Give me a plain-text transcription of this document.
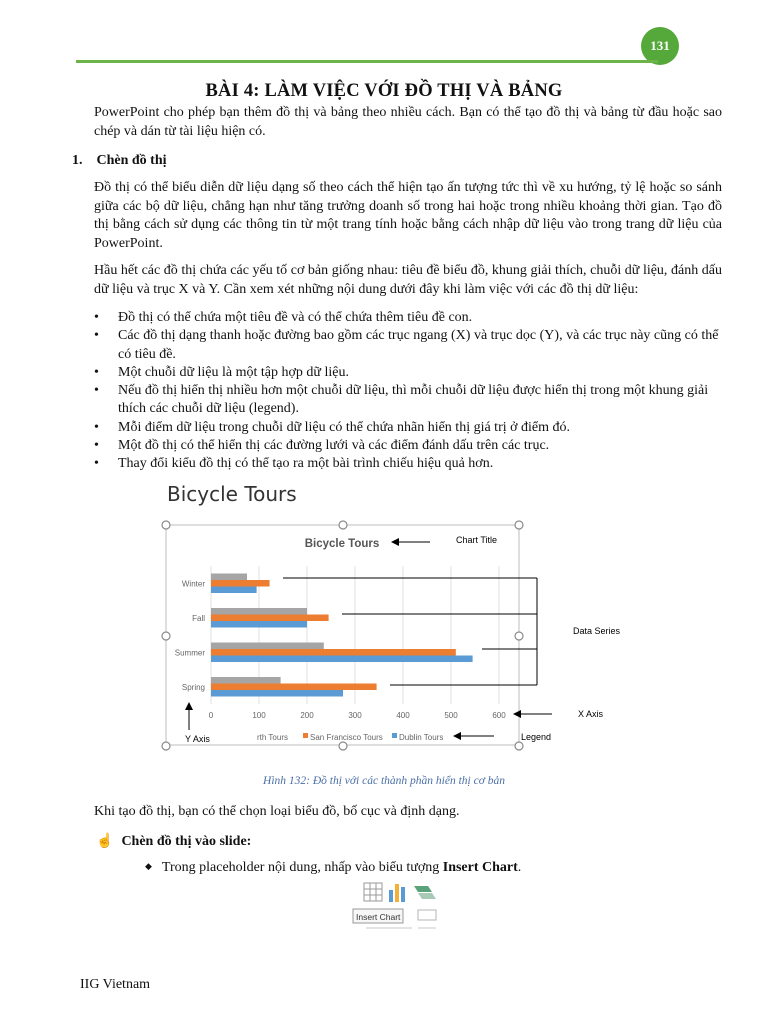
131
BÀI 4: LÀM VIỆC VỚI ĐỒ THỊ VÀ BẢNG
PowerPoint cho phép bạn thêm đồ thị và bảng theo nhiều cách. Bạn có thể tạo đồ thị và bảng từ đầu hoặc sao chép và dán từ tài liệu hiện có.
1.    Chèn đồ thị
Đồ thị có thể biểu diễn dữ liệu dạng số theo cách thể hiện tạo ấn tượng tức thì về xu hướng, tỷ lệ hoặc so sánh giữa các bộ dữ liệu, chẳng hạn như tăng trưởng doanh số trong hai hoặc trong nhiều khoảng thời gian. Tạo đồ thị bằng cách sử dụng các thông tin từ một trang tính hoặc bằng cách nhập dữ liệu vào trong trang dữ liệu của PowerPoint.
Hầu hết các đồ thị chứa các yếu tố cơ bản giống nhau: tiêu đề biểu đồ, khung giải thích, chuỗi dữ liệu, đánh dấu dữ liệu và trục X và Y. Cần xem xét những nội dung dưới đây khi làm việc với các đồ thị dữ liệu:
• Đồ thị có thể chứa một tiêu đề và có thể chứa thêm tiêu đề con.
• Các đồ thị dạng thanh hoặc đường bao gồm các trục ngang (X) và trục dọc (Y), và các trục này cũng có thể có tiêu đề.
• Một chuỗi dữ liệu là một tập hợp dữ liệu.
• Nếu đồ thị hiển thị nhiều hơn một chuỗi dữ liệu, thì mỗi chuỗi dữ liệu được hiển thị trong một khung giải thích các chuỗi dữ liệu (legend).
• Mỗi điểm dữ liệu trong chuỗi dữ liệu có thể chứa nhãn hiển thị giá trị ở điểm đó.
• Một đồ thị có thể hiển thị các đường lưới và các điểm đánh dấu trên các trục.
• Thay đổi kiểu đồ thị có thể tạo ra một bài trình chiếu hiệu quả hơn.
Bicycle Tours
Bicycle Tours
Winter
Fall
Summer
Spring
0	100	200	300	400	500	600
rth Tours	San Francisco Tours Dublin Tours
Chart Title
Data Series
X Axis
Y Axis	Legend
Insert Chart
Hình 132: Đồ thị với các thành phần hiển thị cơ bản
Khi tạo đồ thị, bạn có thể chọn loại biểu đồ, bố cục và định dạng.
☝ Chèn đồ thị vào slide:
◆ Trong placeholder nội dung, nhấp vào biểu tượng Insert Chart.
IIG Vietnam
